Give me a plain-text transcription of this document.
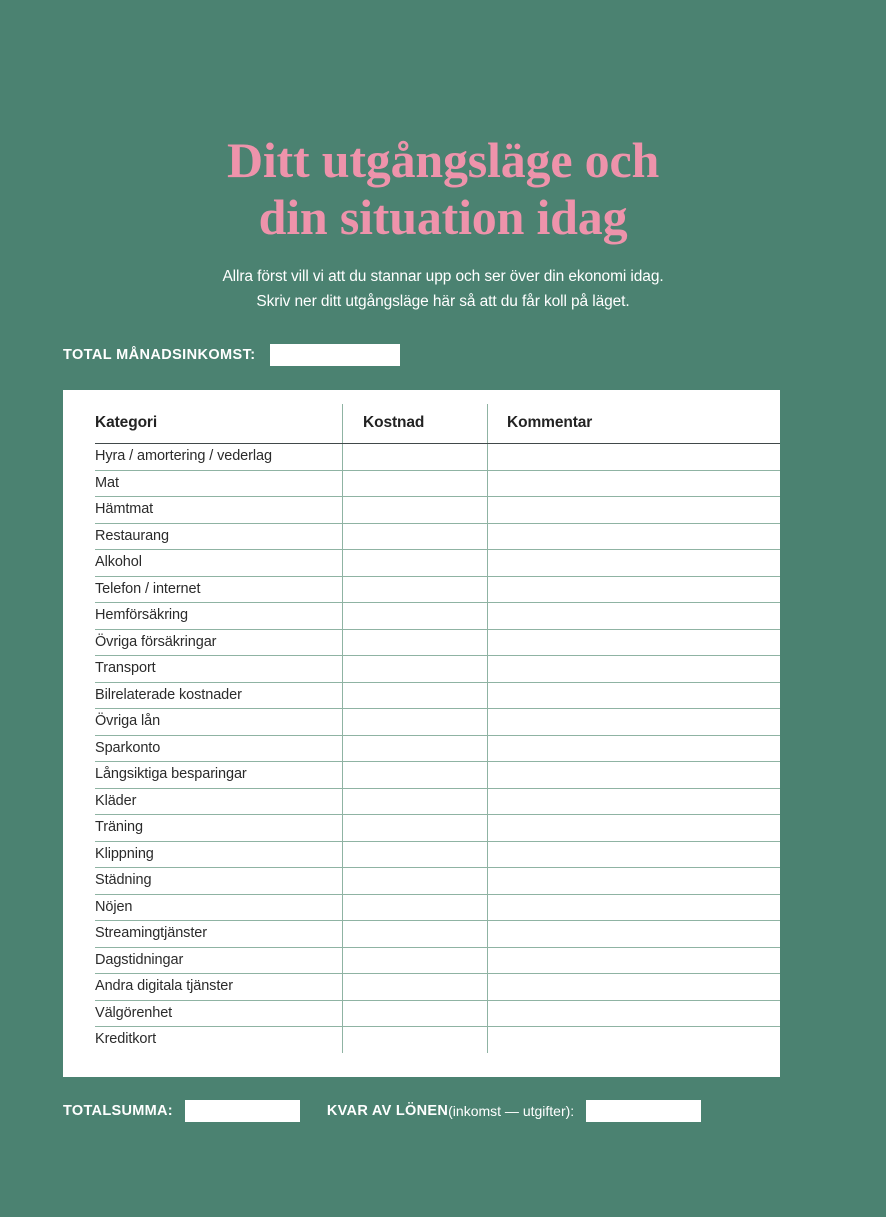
Ditt utgångsläge och
din situation idag
Allra först vill vi att du stannar upp och ser över din ekonomi idag.
Skriv ner ditt utgångsläge här så att du får koll på läget.
TOTAL MÅNADSINKOMST:
Kategori	Kostnad	Kommentar
Hyra / amortering / vederlag
Mat
Hämtmat
Restaurang
Alkohol
Telefon / internet
Hemförsäkring
Övriga försäkringar
Transport
Bilrelaterade kostnader
Övriga lån
Sparkonto
Långsiktiga besparingar
Kläder
Träning
Klippning
Städning
Nöjen
Streamingtjänster
Dagstidningar
Andra digitala tjänster
Välgörenhet
Kreditkort
TOTALSUMMA:	KVAR AV LÖNEN (inkomst — utgifter):
